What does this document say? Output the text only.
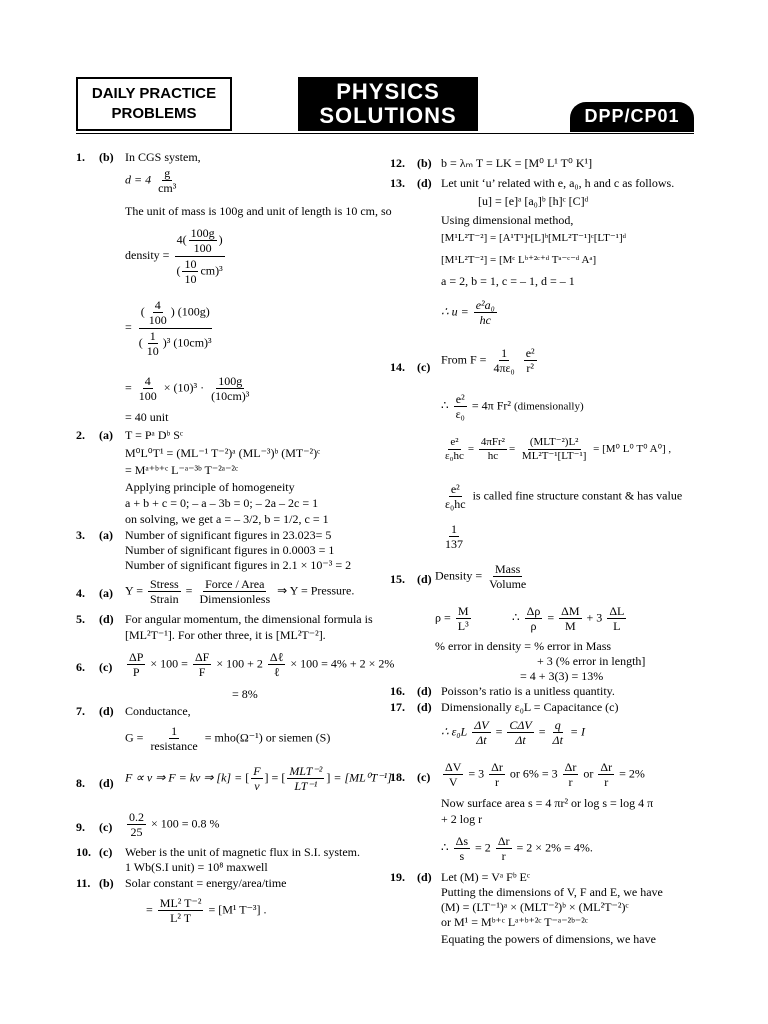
DAILY PRACTICE
PROBLEMS
PHYSICS
SOLUTIONS	DPP/CP01
1. (b) In CGS system,
$d = 4 \frac{g}{\text{cm³}}$
The unit of mass is 100g and unit of length is 10 cm, so
density = $\frac{4( \frac{100g}{100} )}{( \frac{10}{10} cm)^3}$
= $\frac{( \frac{4}{100} ) (100g)}{( \frac{1}{10} )^3 (10cm)^3}$
= $\frac{4}{100} \times (10)^3 \cdot \frac{100g}{\text{(10cm)³}}$
= 40 unit
2. (a) T = Pᵃ Dᵇ Sᶜ
M⁰L⁰T¹ = (ML⁻¹ T⁻²)ᵃ (ML⁻³)ᵇ (MT⁻²)ᶜ
= Mᵃ⁺ᵇ⁺ᶜ L⁻ᵃ⁻³ᵇ T⁻²ᵃ⁻²ᶜ
Applying principle of homogeneity
a + b + c = 0; – a – 3b = 0; – 2a – 2c = 1
on solving, we get a = – 3/2, b = 1/2, c = 1
3. (a) Number of significant figures in 23.023= 5
Number of significant figures in 0.0003 = 1
Number of significant figures in 2.1 × 10⁻³ = 2
4. (a) $Y = \frac{\text{Stress}}{\text{Strain}} = \frac{\text{Force / Area}}{\text{Dimensionless}}$ ⇒ Y = Pressure.
5. (d) For angular momentum, the dimensional formula is
[ML²T⁻¹]. For other three, it is [ML²T⁻²].
6. $(c) \frac{\Delta P}{P} \times 100 = \frac{\Delta F}{F} \times 100 + 2 \frac{\text{Δℓ}}{\text{ℓ}} \times 100 = 4\% + 2 \times 2\%$
= 8%
7. (d) Conductance,
$G = \frac{1}{\text{resistance}} = mho(\Omega^{-1})$ or siemen (S)
8. (d) F ∝ v ⇒ F = kv ⇒ [k] = [ $\frac{F}{v}$ ] = [ $\frac{\text{MLT⁻²}}{\text{LT⁻¹}}$ ] = [ML⁰T⁻¹]
9. $(c) \frac{0.2}{25} \times 100 = 0.8$ %
10. (c) Weber is the unit of magnetic flux in S.I. system.
1 Wb(S.I unit) = 10⁸ maxwell
11. (b) Solar constant = energy/area/time
= $\frac{\text{ML² T⁻²}}{\text{L² T}} = [M^1$ T⁻³] .
12. (b) b = λₘ T = LK = [M⁰ L¹ T⁰ K¹]
13. (d) Let unit ‘u’ related with e, a₀, h and c as follows.
[u] = [e]ᵃ [a₀]ᵇ [h]ᶜ [C]ᵈ
Using dimensional method,
[M¹L²T⁻²] = [A¹T¹]ᵃ[L]ᵇ[ML²T⁻¹]ᶜ[LT⁻¹]ᵈ
[M¹L²T⁻²] = [Mᶜ Lᵇ⁺²ᶜ⁺ᵈ Tᵃ⁻ᶜ⁻ᵈ Aᵃ]
a = 2, b = 1, c = – 1, d = – 1
∴ $u = \frac{\text{e²a₀}}{hc}$
14. (c)
From $F = \frac{1}{\text{4πε₀}}$
$\frac{\text{e²}}{\text{r²}}$
∴ $\frac{\text{e²}}{\text{ε₀}} = 4\pi$ Fr² (dimensionally)
$\frac{\text{e²}}{\text{ε₀hc}} = \frac{\text{4πFr²}}{hc} = \frac{\text{(MLT⁻²)L²}}{\text{ML²T⁻¹[LT⁻¹]}} = [M^0$ L⁰ T⁰ A⁰] ,
$\frac{\text{e²}}{\text{ε₀hc}}$ is called fine structure constant & has value
$\frac{1}{137}$
15. (d) Density = $\frac{\text{Mass}}{\text{Volume}}$
$\rho = \frac{M}{\text{L³}}$	∴ $\frac{\Delta\rho}{\rho} = \frac{\Delta M}{M} + 3 \frac{\Delta L}{L}$
% error in density = % error in Mass
+ 3 (% error in length]
= 4 + 3(3) = 13%
16. (d) Poisson’s ratio is a unitless quantity.
17. (d) Dimensionally ε₀L = Capacitance (c)
∴ $\varepsilon_0L \frac{\Delta V}{\Delta t} = \frac{\text{CΔV}}{\Delta t} = \frac{q}{\Delta t} = I$
18. $(c) \frac{\Delta V}{V} = 3 \frac{\Delta r}{r}$ or $6\% = 3 \frac{\Delta r}{r}$ or $\frac{\Delta r}{r} = 2\%$
Now surface area s = 4 πr² or log s = log 4 π
+ 2 log r
∴ $\frac{\Delta s}{s} = 2 \frac{\Delta r}{r} = 2 \times 2\% = 4\%$.
19. (d) Let (M) = Vᵃ Fᵇ Eᶜ
Putting the dimensions of V, F and E, we have
(M) = (LT⁻¹)ᵃ × (MLT⁻²)ᵇ × (ML²T⁻²)ᶜ
or M¹ = Mᵇ⁺ᶜ Lᵃ⁺ᵇ⁺²ᶜ T⁻ᵃ⁻²ᵇ⁻²ᶜ
Equating the powers of dimensions, we have
